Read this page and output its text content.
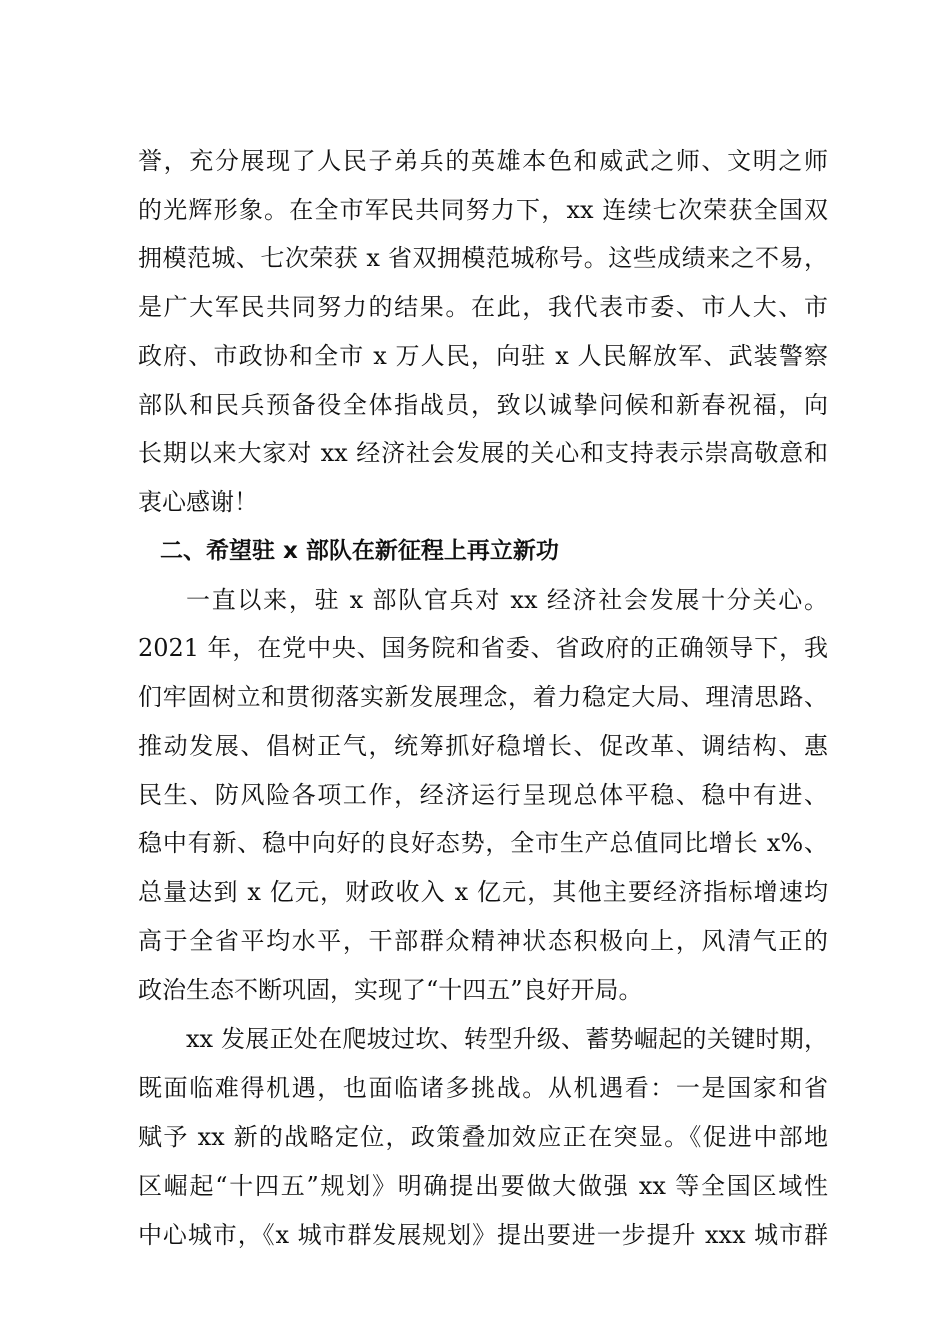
誉，充分展现了人民子弟兵的英雄本色和威武之师、文明之师
的光辉形象。在全市军民共同努力下，xx 连续七次荣获全国双
拥模范城、七次荣获 x 省双拥模范城称号。这些成绩来之不易，
是广大军民共同努力的结果。在此，我代表市委、市人大、市
政府、市政协和全市 x 万人民，向驻 x 人民解放军、武装警察
部队和民兵预备役全体指战员，致以诚挚问候和新春祝福，向
长期以来大家对 xx 经济社会发展的关心和支持表示崇高敬意和
衷心感谢！
二、希望驻 x 部队在新征程上再立新功
一直以来，驻 x 部队官兵对 xx 经济社会发展十分关心。
2021 年，在党中央、国务院和省委、省政府的正确领导下，我
们牢固树立和贯彻落实新发展理念，着力稳定大局、理清思路、
推动发展、倡树正气，统筹抓好稳增长、促改革、调结构、惠
民生、防风险各项工作，经济运行呈现总体平稳、稳中有进、
稳中有新、稳中向好的良好态势，全市生产总值同比增长 x%、
总量达到 x 亿元，财政收入 x 亿元，其他主要经济指标增速均
高于全省平均水平，干部群众精神状态积极向上，风清气正的
政治生态不断巩固，实现了“十四五”良好开局。
xx 发展正处在爬坡过坎、转型升级、蓄势崛起的关键时期，
既面临难得机遇，也面临诸多挑战。从机遇看：一是国家和省
赋予 xx 新的战略定位，政策叠加效应正在突显。《促进中部地
区崛起“十四五”规划》明确提出要做大做强 xx 等全国区域性
中心城市，《x 城市群发展规划》提出要进一步提升 xxx 城市群
